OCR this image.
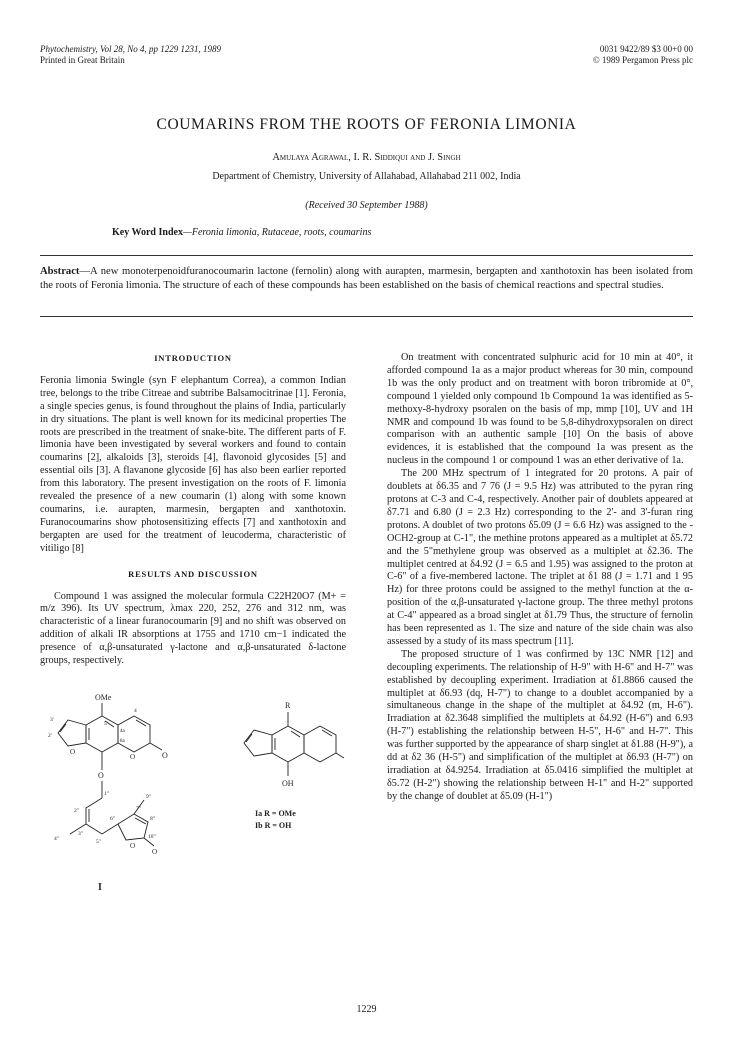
Phytochemistry, Vol 28, No 4, pp 1229 1231, 1989
Printed in Great Britain
0031 9422/89 $3 00+0 00
© 1989 Pergamon Press plc
COUMARINS FROM THE ROOTS OF FERONIA LIMONIA
Amulaya Agrawal, I. R. Siddiqui and J. Singh
Department of Chemistry, University of Allahabad, Allahabad 211 002, India
(Received 30 September 1988)
Key Word Index—Feronia limonia, Rutaceae, roots, coumarins
Abstract—A new monoterpenoidfuranocoumarin lactone (fernolin) along with aurapten, marmesin, bergapten and xanthotoxin has been isolated from the roots of Feronia limonia. The structure of each of these compounds has been established on the basis of chemical reactions and spectral studies.
INTRODUCTION

Feronia limonia Swingle (syn F elephantum Correa), a common Indian tree, belongs to the tribe Citreae and subtribe Balsamocitrinae [1]. Feronia, a single species genus, is found throughout the plains of India, particularly in dry situations. The plant is well known for its medicinal properties The roots are prescribed in the treatment of snake-bite. The different parts of F. limonia have been investigated by several workers and found to contain coumarins [2], alkaloids [3], steroids [4], flavonoid glycosides [5] and essential oils [3]. A flavanone glycoside [6] has also been earlier reported from this laboratory. The present investigation on the roots of F. limonia revealed the presence of a new coumarin (1) along with some known coumarins, i.e. aurapten, marmesin, bergapten and xanthotoxin. Furanocoumarins show photosensitizing effects [7] and xanthotoxin and bergapten are used for the treatment of leucoderma, characteristic of vitiligo [8]

RESULTS AND DISCUSSION

Compound 1 was assigned the molecular formula C22H20O7 (M+ = m/z 396). Its UV spectrum, λmax 220, 252, 276 and 312 nm, was characteristic of a linear furanocoumarin [9] and no shift was observed on addition of alkali IR absorptions at 1755 and 1710 cm−1 indicated the presence of α,β-unsaturated γ-lactone and α,β-unsaturated δ-lactone groups, respectively.

On treatment with concentrated sulphuric acid for 10 min at 40°, it afforded compound 1a as a major product whereas for 30 min, compound 1b was the only product and on treatment with boron tribromide at 0°, compound 1 yielded only compound 1b Compound 1a was identified as 5-methoxy-8-hydroxy psoralen on the basis of mp, mmp [10], UV and 1H NMR and compound 1b was found to be 5,8-dihydroxypsoralen on direct comparison with an authentic sample [10] On the basis of above evidences, it is established that the compound 1a was present as the nucleus in the compound 1 or compound 1 was an ether derivative of 1a.

The 200 MHz spectrum of 1 integrated for 20 protons. A pair of doublets at δ6.35 and 7 76 (J = 9.5 Hz) was attributed to the pyran ring protons at C-3 and C-4, respectively. Another pair of doublets appeared at δ7.71 and 6.80 (J = 2.3 Hz) corresponding to the 2'- and 3'-furan ring protons. A doublet of two protons δ5.09 (J = 6.6 Hz) was assigned to the -OCH2-group at C-1", the methine protons appeared as a multiplet at δ5.72 and the 5"methylene group was observed as a multiplet at δ2.36. The multiplet centred at δ4.92 (J = 6.5 and 1.95) was assigned to the proton at C-6" of a five-membered lactone. The triplet at δ1 88 (J = 1.71 and 1 95 Hz) for three protons could be assigned to the methyl function at the α-position of the α,β-unsaturated γ-lactone group. The three methyl protons at C-4" appeared as a broad singlet at δ1.79 Thus, the structure of fernolin has been represented as 1. The size and nature of the side chain was also assessed by a study of its mass spectrum [11].

The proposed structure of 1 was confirmed by 13C NMR [12] and decoupling experiments. The relationship of H-9" with H-6" and H-7" was established by decoupling experiment. Irradiation at δ1.8866 caused the multiplet at δ6.93 (dq, H-7") to change to a doublet accompanied by a simultaneous change in the shape of the multiplet at δ4.92 (m, H-6"). Irradiation at δ2.3648 simplified the multiplets at δ4.92 (H-6") and 6.93 (H-7") establishing the relationship between H-5", H-6" and H-7". This was further supported by the appearance of sharp singlet at δ1.88 (H-9"), a dd at δ2 36 (H-5") and simplification of the multiplet at δ6.93 (H-7") on irradiation at δ4.9254. Irradiation at δ5.0416 simplified the multiplet at δ5.72 (H-2") showing the relationship between H-1" and H-2" supported by the change of doublet at δ5.09 (H-1")

OMe
O
O
O
3'
2'
5
4
4a
8a
O
1"
2"
3"
4"	5"
O
O
6"
7"
8"
9"
10"
I
R
OH
Ia R = OMe
Ib R = OH
1229
